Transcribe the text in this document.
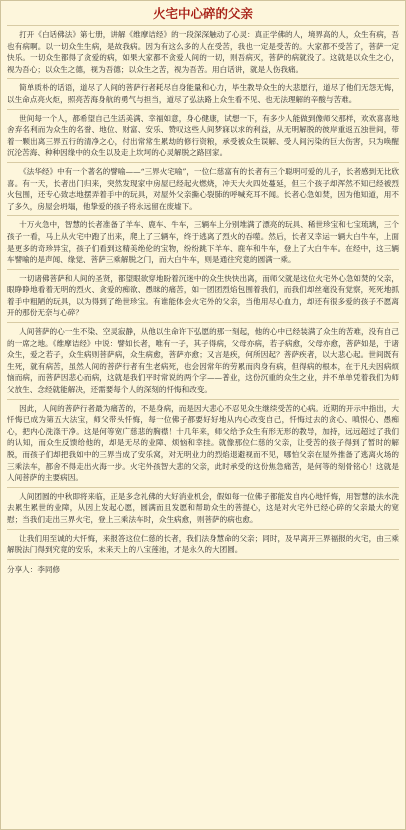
火宅中心碎的父亲

打开《白话佛法》第七册，讲解《维摩诘经》的一段深深触动了心灵：真正学佛的人，境界高的人，众生有病，吾也有病啊。以一切众生生病，是故我病。因为有这么多的人在受苦，我也一定是受苦的。大家都不受苦了，菩萨一定快乐。一切众生都得了贪爱的病，如果大家都不贪爱人间的一切，则吾病灭，菩萨的病就没了。这就是以众生之心，视为吾心；以众生之德，视为吾德；以众生之苦，视为吾苦。用白话讲，就是人伤我痛。

简单质朴的话语，道尽了人间的菩萨行者耗尽自身能量和心力，毕生教导众生的大悲愿行，道尽了他们无怨无悔，以生命点亮火炬，照亮苦海身航的勇气与担当，道尽了弘法路上众生看不见、也无法理解的辛酸与苦难。

世间每一个人，都希望自己生活美满、幸福如意，身心健康，试想一下，有多少人能做到像师父那样，欢欢喜喜地舍弃名利而为众生的名誉、地位、财富、安乐、赞叹这些人间梦寐以求的利益，从无明解脱的彼岸重返五浊世间，带着一颗出离三界五行的清净之心，付出常常生累劫的修行资粮，承受被众生误解、受人间污染的巨大伤害，只为唤醒沉沦苦海、种种因缘中的众生以及走上坎坷的心灵解脱之路回家。

《法华经》中有一个著名的譬喻——“三界火宅喻”，一位仁慈富有的长者有三个聪明可爱的儿子，长者感到无比欣喜。有一天，长者出门归来，突然发现家中房屋已经起火燃烧，冲天大火四处蔓延，但三个孩子却浑然不知已经被烈火包围，还专心致志地摆弄着手中的玩具，对屋外父亲撕心裂肺的呼喊充耳不闻。长者心急如焚，因为他知道，用不了多久，房屋会坍塌，他挚爱的孩子将永远留在废墟下。

十万火急中，智慧的长者准备了羊车、鹿车、牛车，三辆车上分别堆满了漂亮的玩具、稀世珍宝和七宝琉璃，三个孩子一看，马上从火宅中跑了出来，爬上了三辆车，终于逃离了烈火的吞噬。然后，长者又幸运一辆大白牛车，上面是更多的奇珍异宝，孩子们看到这精美绝伦的宝物，纷纷跳下羊车、鹿车和牛车，登上了大白牛车。在经中，这三辆车譬喻的是声闻、缘觉、菩萨三乘解脱之门，而大白牛车，则是通往究竟的圆满一乘。

一切诸佛菩萨和人间的圣贤，都望眼欲穿地盼着沉迷中的众生快快出离，而师父就是这位火宅外心急如焚的父亲，眼睁睁地看着无明的烈火、贪爱的痴欲、愚昧的痛苦，如一团团烈焰包围着我们，而我们却丝毫没有觉察，死死地抓着手中粗陋的玩具，以为得到了绝世珍宝。有谁能体会火宅外的父亲，当他用尽心血力，却还有很多爱的孩子不愿离开的那份无奈与心碎？

人间菩萨的心一生不染、空灵寂静，从他以生命许下弘愿的那一刻起，他的心中已经装满了众生的苦难，没有自己的一席之地。《维摩诘经》中说：譬如长者，唯有一子，其子得病，父母亦病，若子病愈，父母亦愈，菩萨如是，于诸众生，爱之若子，众生病则菩萨病，众生病愈，菩萨亦愈；又言是疾，何所因起？菩萨疾者，以大悲心起。世间既有生死，就有病苦，虽然人间的菩萨行者有生老病死，也会因常年的劳累而肉身有病，但得病的根本，在于凡夫因病烦恼而病，而菩萨因悲心而病，这就是我们平时常说的两个字——普业，这份沉重的众生之业，并不单单凭着我们为师父放生、念经就能解决，还需要每个人的深刻的忏悔和改变。

因此，人间的菩萨行者最为痛苦的，不是身病，而是因大悲心不忍见众生继续受苦的心病。近期的开示中指出，大忏悔已成为第五大法宝，师父带头忏悔，每一位佛子都要好好地从内心改变自己，忏悔过去的贪心、嗔恨心、愚痴心，把内心洗涤干净。这是何等宽广慈悲的胸襟！十几年来，师父给予众生有形无形的教导，加持，远远超过了我们的认知，而众生反馈给他的，却是无尽的业障、烦恼和幸挂。就像那位仁慈的父亲，让受苦的孩子得到了暂时的解脱，而孩子们却把我如中的三界当成了安乐窝，对无明业力的烈焰退避视而不见，哪怕父亲在屋外推备了逃离火场的三乘法车，都舍不得走出火海一步。火宅外孩智大悲的父亲，此时承受的这份焦急痛苦，是何等的刻骨铭心！这就是人间菩萨的主要病因。

人间团圆的中秋即将来临，正是多念礼佛的大好消业机会，假如每一位佛子都能发自内心地忏悔，用智慧的法水洗去累生累世的业障，从因上发起心愿，圆满而且发愿和帮助众生的菩提心，这是对火宅外已经心碎的父亲最大的宽慰；当我们走出三界火宅，登上三乘法车时，众生病愈，则菩萨的病也愈。

让我们用至诚的大忏悔，来报答这位仁慈的长者，我们法身慧命的父亲；同时，及早离开三界福报的火宅，由三乘解脱法门得到究竟的安乐，未来天上的八宝莲池，才是永久的大团圆。

分享人：李同修
